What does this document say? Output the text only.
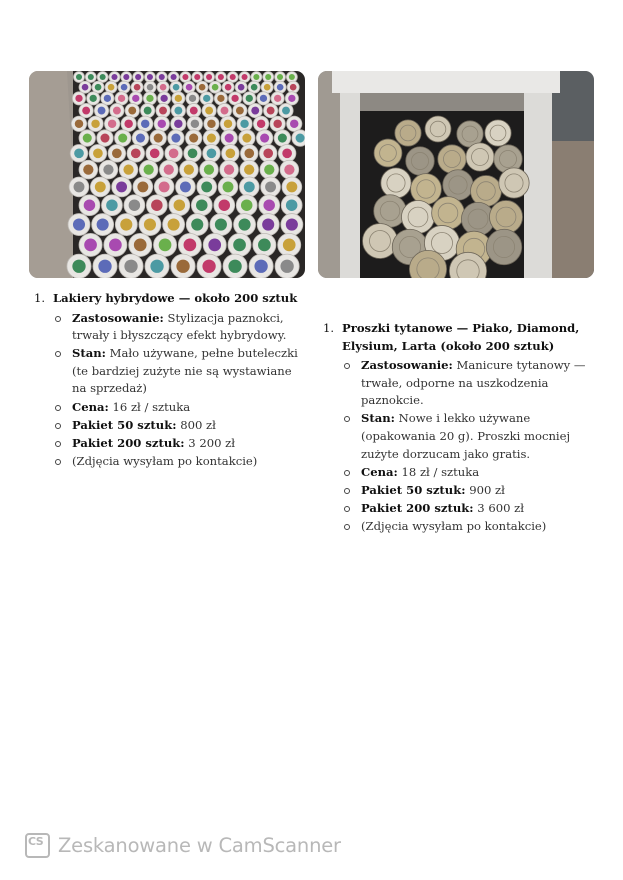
1. Lakiery hybrydowe — około 200 sztuk
Zastosowanie: Stylizacja paznokci, trwały i błyszczący efekt hybrydowy.
Stan: Mało używane, pełne buteleczki (te bardziej zużyte nie są wystawiane na sprzedaż)
Cena: 16 zł / sztuka
Pakiet 50 sztuk: 800 zł
Pakiet 200 sztuk: 3 200 zł
(Zdjęcia wysyłam po kontakcie)
1. Proszki tytanowe — Piako, Diamond, Elysium, Larta (około 200 sztuk)
Zastosowanie: Manicure tytanowy — trwałe, odporne na uszkodzenia paznokcie.
Stan: Nowe i lekko używane (opakowania 20 g). Proszki mocniej zużyte dorzucam jako gratis.
Cena: 18 zł / sztuka
Pakiet 50 sztuk: 900 zł
Pakiet 200 sztuk: 3 600 zł
(Zdjęcia wysyłam po kontakcie)
CS Zeskanowane w CamScanner
